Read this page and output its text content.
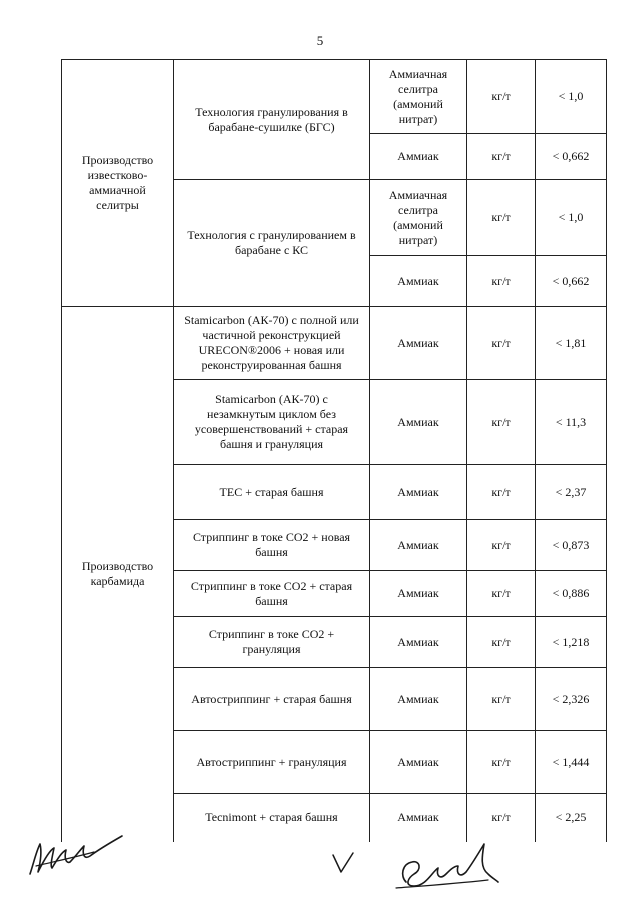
5
Производство известково-аммиачной селитры	Технология гранулирования в барабане-сушилке (БГС)	Аммиачная селитра (аммоний нитрат)	кг/т	< 1,0
		Аммиак	кг/т	< 0,662
	Технология с гранулированием в барабане с КС	Аммиачная селитра (аммоний нитрат)	кг/т	< 1,0
		Аммиак	кг/т	< 0,662
Производство карбамида	Stamicarbon (АК-70) с полной или частичной реконструкцией URECON®2006 + новая или реконструированная башня	Аммиак	кг/т	< 1,81
	Stamicarbon (АК-70) с незамкнутым циклом без усовершенствований + старая башня и грануляция	Аммиак	кг/т	< 11,3
	TEC + старая башня	Аммиак	кг/т	< 2,37
	Стриппинг в токе CO2 + новая башня	Аммиак	кг/т	< 0,873
	Стриппинг в токе CO2 + старая башня	Аммиак	кг/т	< 0,886
	Стриппинг в токе CO2 + грануляция	Аммиак	кг/т	< 1,218
	Автостриппинг + старая башня	Аммиак	кг/т	< 2,326
	Автостриппинг + грануляция	Аммиак	кг/т	< 1,444
	Tecnimont + старая башня	Аммиак	кг/т	< 2,25
